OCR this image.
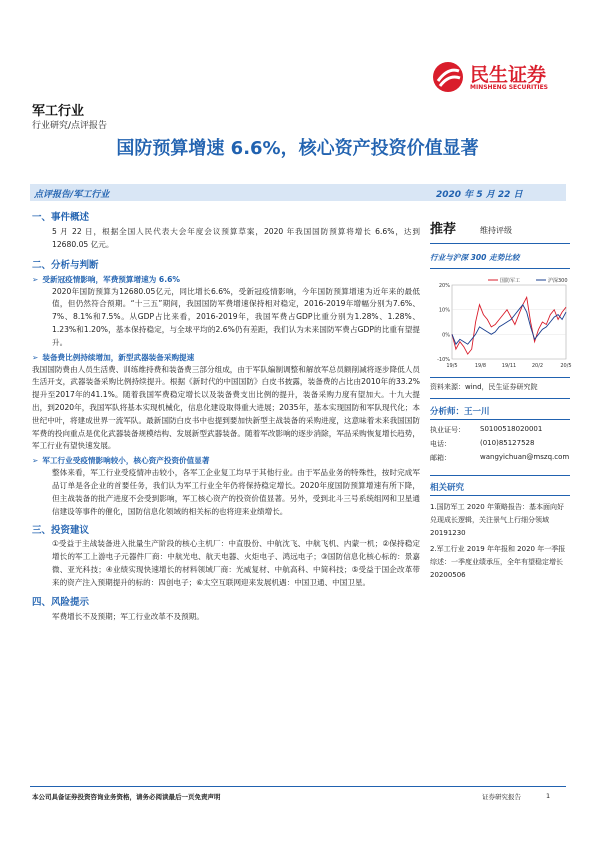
民生证券
MINSHENG SECURITIES
军工行业
行业研究/点评报告
国防预算增速 6.6%，核心资产投资价值显著
点评报告/军工行业	2020 年 5 月 22 日
一、事件概述
5 月 22 日，根据全国人民代表大会年度会议预算草案，2020 年我国国防预算将增长 6.6%，达到 12680.05 亿元。
二、分析与判断
➢ 受新冠疫情影响，军费预算增速为 6.6%
2020年国防预算为12680.05亿元，同比增长6.6%，受新冠疫情影响，今年国防预算增速为近年来的最低值，但仍然符合预期。“十三五”期间，我国国防军费增速保持相对稳定，2016-2019年增幅分别为7.6%、7%、8.1%和7.5%。从GDP占比来看，2016-2019年，我国军费占GDP比重分别为1.28%、1.28%、1.23%和1.20%，基本保持稳定，与全球平均的2.6%仍有差距，我们认为未来国防军费占GDP的比重有望提升。
➢ 装备费比例持续增加，新型武器装备采购提速
我国国防费由人员生活费、训练维持费和装备费三部分组成，由于军队编制调整和解放军总员额削减将逐步降低人员生活开支，武器装备采购比例持续提升。根据《新时代的中国国防》白皮书披露，装备费的占比由2010年的33.2%提升至2017年的41.1%。随着我国军费稳定增长以及装备费支出比例的提升，装备采购力度有望加大。十九大提出，到2020年，我国军队将基本实现机械化，信息化建设取得重大进展；2035年，基本实现国防和军队现代化；本世纪中叶，将建成世界一流军队。最新国防白皮书中也提到要加快新型主战装备的采购进度，这意味着未来我国国防军费的投向重点是优化武器装备规模结构、发展新型武器装备。随着军改影响的逐步消除，军品采购恢复增长趋势，军工行业有望快速发展。
➢ 军工行业受疫情影响较小，核心资产投资价值显著
整体来看，军工行业受疫情冲击较小，各军工企业复工均早于其他行业。由于军品业务的特殊性，按时完成军品订单是各企业的首要任务，我们认为军工行业全年仍将保持稳定增长。2020年度国防预算增速有所下降，但主战装备的批产进度不会受到影响，军工核心资产的投资价值显著。另外，受到北斗三号系统组网和卫星通信建设等事件的催化，国防信息化领域的相关标的也将迎来业绩增长。
三、投资建议
①受益于主战装备进入批量生产阶段的核心主机厂：中直股份、中航沈飞、中航飞机、内蒙一机；②保持稳定增长的军工上游电子元器件厂商：中航光电、航天电器、火炬电子、鸿远电子；③国防信息化核心标的：景嘉微、亚光科技；④业绩实现快速增长的材料领域厂商：光威复材、中航高科、中简科技；⑤受益于国企改革带来的资产注入预期提升的标的：四创电子；⑥太空互联网迎来发展机遇：中国卫通、中国卫星。
四、风险提示
军费增长不及预期；军工行业改革不及预期。
推荐	维持评级
行业与沪深 300 走势比较
20%
10%
0%
-10%
19/5	19/8	19/11	20/2	20/5
国防军工	沪深300
资料来源：wind，民生证券研究院
分析师：王一川
执业证号：	S0100518020001
电话：	(010)85127528
邮箱：	wangyichuan@mszq.com
相关研究
1.国防军工 2020 年策略报告：基本面向好兑现成长逻辑，关注景气上行细分领域 20191230
2.军工行业 2019 年年报和 2020 年一季报综述：一季度业绩承压，全年有望稳定增长 20200506
本公司具备证券投资咨询业务资格，请务必阅读最后一页免责声明	证券研究报告	1
